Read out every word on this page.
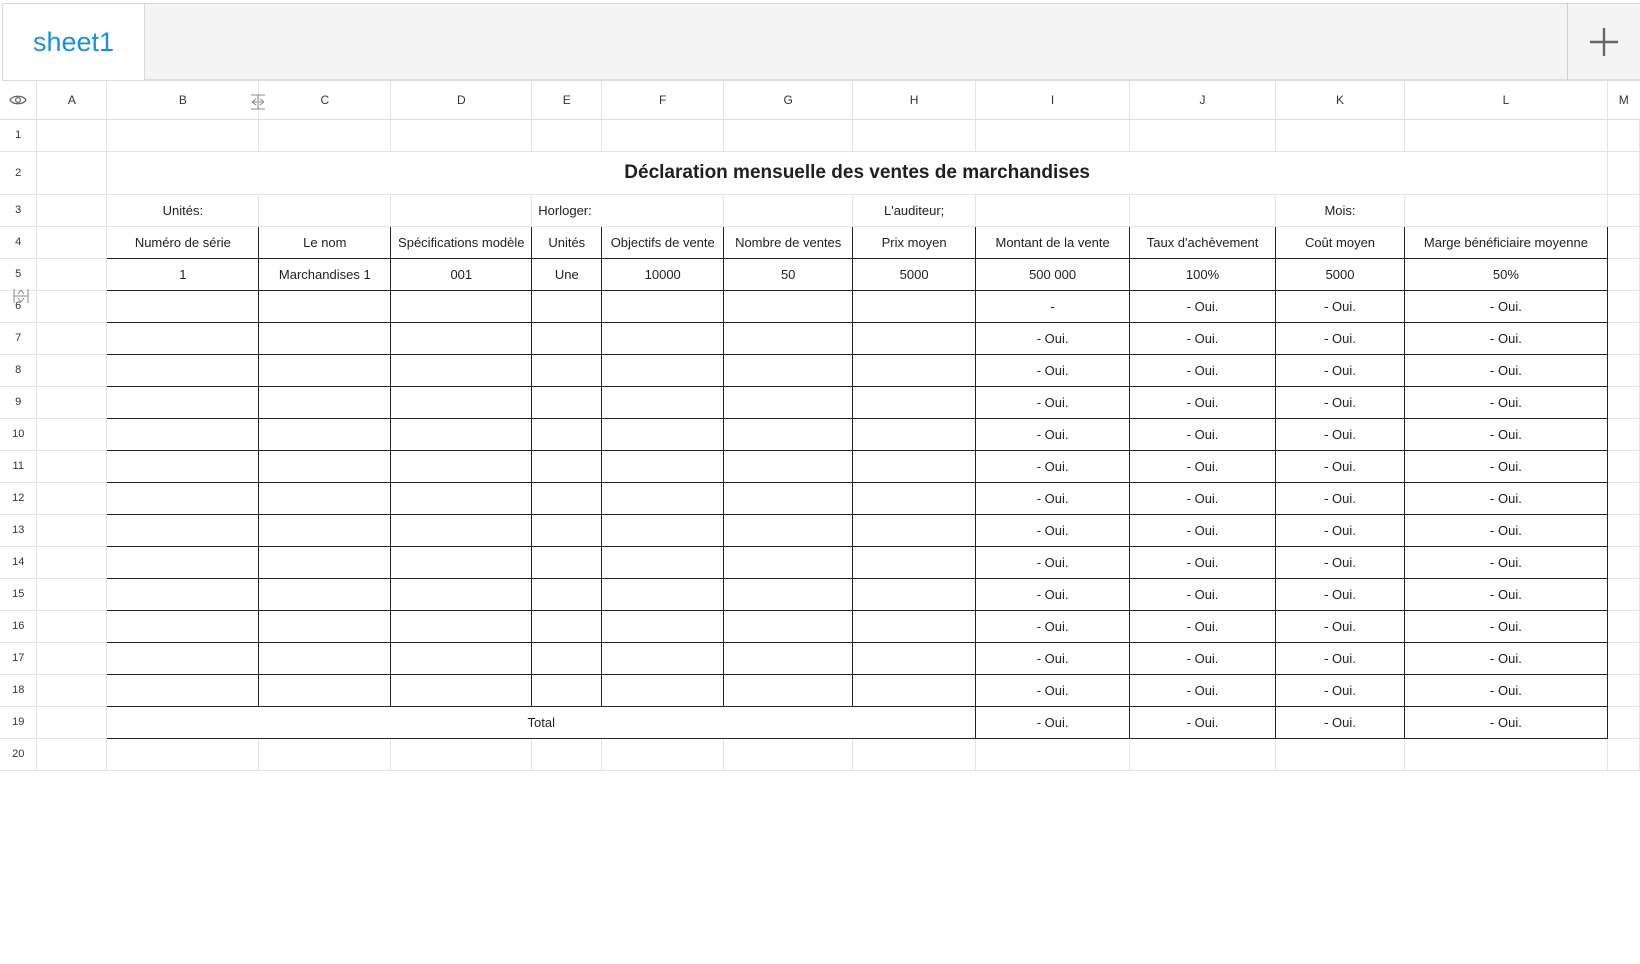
sheet1
	A	B	C	D	E	F	G	H	I	J	K	L	M
1													
2		Déclaration mensuelle des ventes de marchandises											
3		Unités:			Horloger:			L'auditeur;			Mois:		
4		Numéro de série	Le nom	Spécifications modèle	Unités	Objectifs de vente	Nombre de ventes	Prix moyen	Montant de la vente	Taux d'achèvement	Coût moyen	Marge bénéficiaire moyenne	
5		1	Marchandises 1	001	Une	10000	50	5000	500 000	100%	5000	50%	
6									-	- Oui.	- Oui.	- Oui.	
7									- Oui.	- Oui.	- Oui.	- Oui.	
8									- Oui.	- Oui.	- Oui.	- Oui.	
9									- Oui.	- Oui.	- Oui.	- Oui.	
10									- Oui.	- Oui.	- Oui.	- Oui.	
11									- Oui.	- Oui.	- Oui.	- Oui.	
12									- Oui.	- Oui.	- Oui.	- Oui.	
13									- Oui.	- Oui.	- Oui.	- Oui.	
14									- Oui.	- Oui.	- Oui.	- Oui.	
15									- Oui.	- Oui.	- Oui.	- Oui.	
16									- Oui.	- Oui.	- Oui.	- Oui.	
17									- Oui.	- Oui.	- Oui.	- Oui.	
18									- Oui.	- Oui.	- Oui.	- Oui.	
19		Total							- Oui.	- Oui.	- Oui.	- Oui.	
20													
